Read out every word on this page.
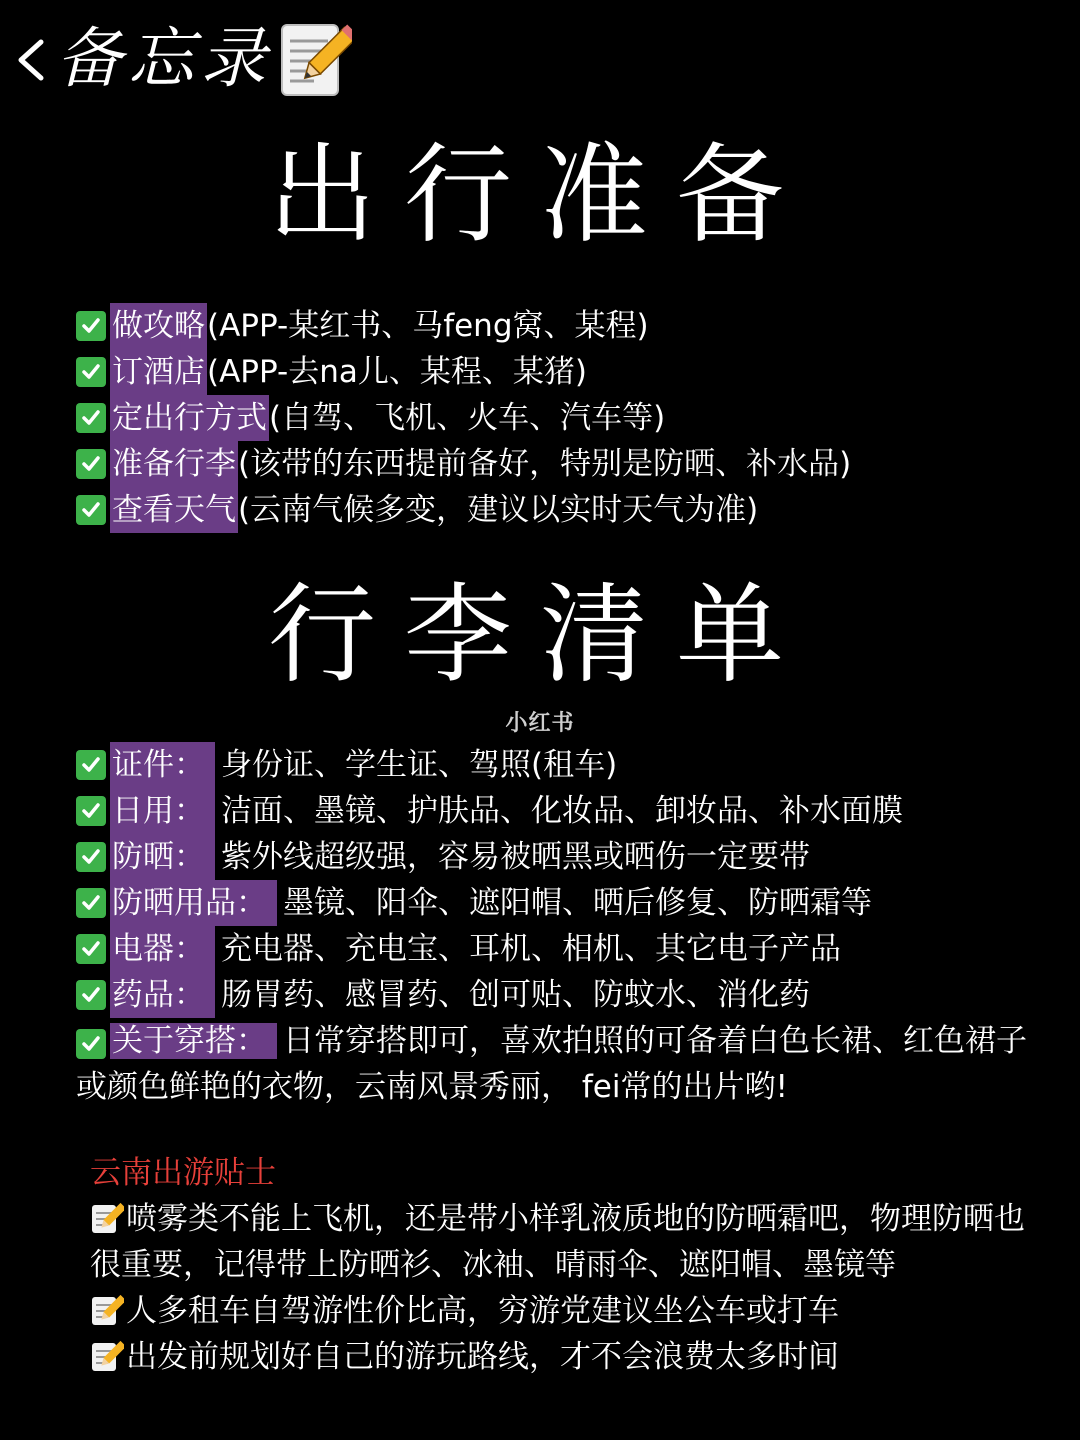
备忘录
出行准备
做攻略 (APP-某红书、马feng窝、某程)
订酒店 (APP-去na儿、某程、某猪)
定出行方式 (自驾、飞机、火车、汽车等)
准备行李 (该带的东西提前备好，特别是防晒、补水品)
查看天气 (云南气候多变，建议以实时天气为准)
行李清单
小红书
证件： 身份证、学生证、驾照(租车)
日用： 洁面、墨镜、护肤品、化妆品、卸妆品、补水面膜
防晒： 紫外线超级强，容易被晒黑或晒伤一定要带
防晒用品： 墨镜、阳伞、遮阳帽、晒后修复、防晒霜等
电器： 充电器、充电宝、耳机、相机、其它电子产品
药品： 肠胃药、感冒药、创可贴、防蚊水、消化药
关于穿搭： 日常穿搭即可，喜欢拍照的可备着白色长裙、红色裙子或颜色鲜艳的衣物，云南风景秀丽， fei常的出片哟!
云南出游贴士

喷雾类不能上飞机，还是带小样乳液质地的防晒霜吧，物理防晒也很重要，记得带上防晒衫、冰袖、晴雨伞、遮阳帽、墨镜等

人多租车自驾游性价比高，穷游党建议坐公车或打车

出发前规划好自己的游玩路线，才不会浪费太多时间
